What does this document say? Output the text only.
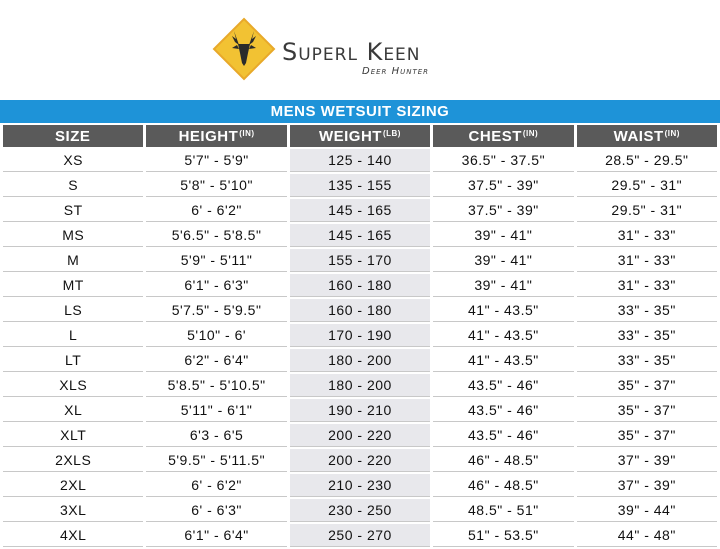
Superl Keen
Deer Hunter
MENS WETSUIT SIZING
SIZE	$HEIGHT^{(IN)}$	$WEIGHT^{(LB)}$	$CHEST^{(IN)}$	$WAIST^{(IN)}$
XS	5'7" - 5'9"	125 - 140	36.5" - 37.5"	28.5" - 29.5"
S	5'8" - 5'10"	135 - 155	37.5" - 39"	29.5" - 31"
ST	6' - 6'2"	145 - 165	37.5" - 39"	29.5" - 31"
MS	5'6.5" - 5'8.5"	145 - 165	39" - 41"	31" - 33"
M	5'9" - 5'11"	155 - 170	39" - 41"	31" - 33"
MT	6'1" - 6'3"	160 - 180	39" - 41"	31" - 33"
LS	5'7.5" - 5'9.5"	160 - 180	41" - 43.5"	33" - 35"
L	5'10" - 6'	170 - 190	41" - 43.5"	33" - 35"
LT	6'2" - 6'4"	180 - 200	41" - 43.5"	33" - 35"
XLS	5'8.5" - 5'10.5"	180 - 200	43.5" - 46"	35" - 37"
XL	5'11" - 6'1"	190 - 210	43.5" - 46"	35" - 37"
XLT	6'3 - 6'5	200 - 220	43.5" - 46"	35" - 37"
2XLS	5'9.5" - 5'11.5"	200 - 220	46" - 48.5"	37" - 39"
2XL	6' - 6'2"	210 - 230	46" - 48.5"	37" - 39"
3XL	6' - 6'3"	230 - 250	48.5" - 51"	39" - 44"
4XL	6'1" - 6'4"	250 - 270	51" - 53.5"	44" - 48"
